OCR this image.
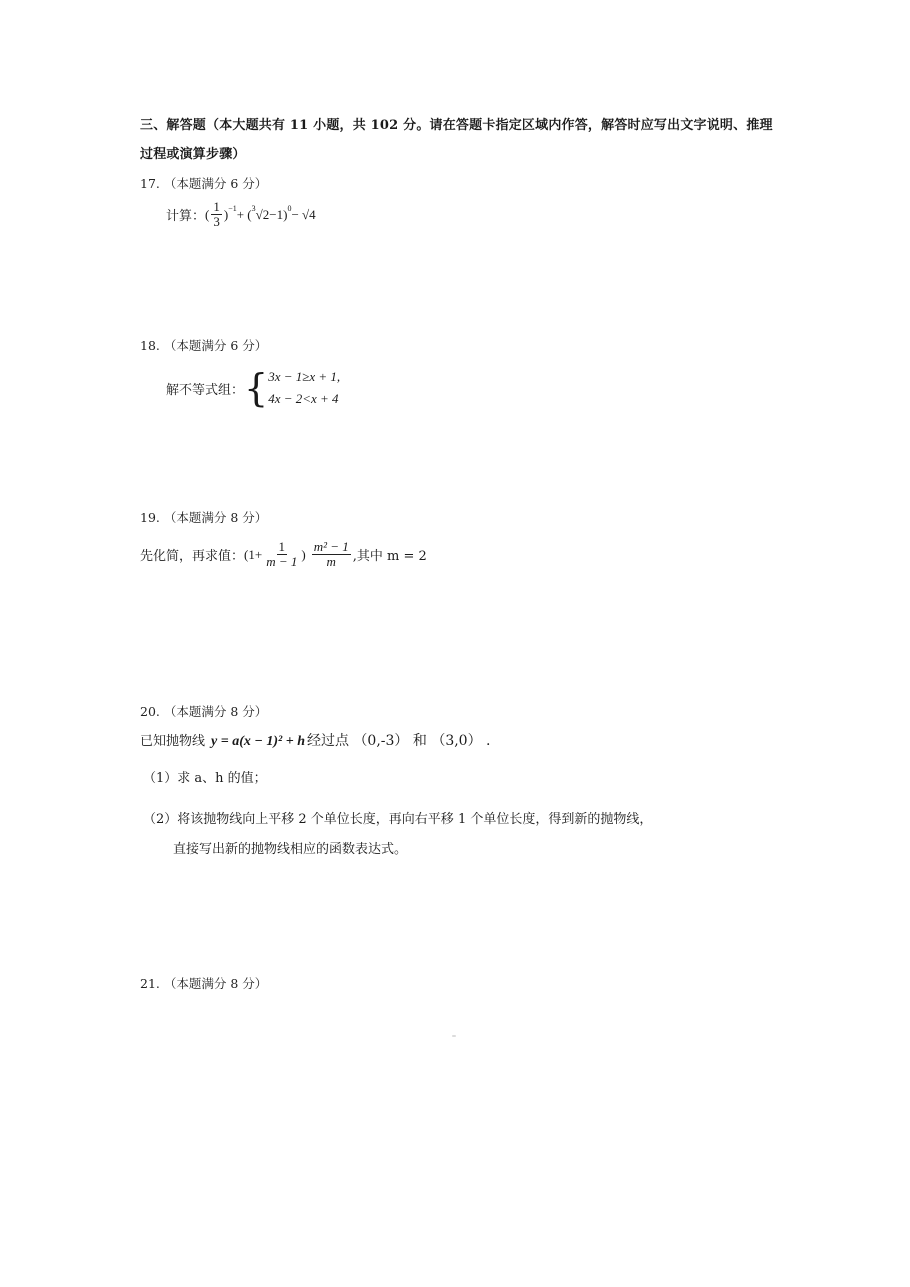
三、解答题（本大题共有 11 小题，共 102 分。请在答题卡指定区域内作答，解答时应写出文字说明、推理
过程或演算步骤）
17. （本题满分 6 分）
计算： ( $\frac{1}{3}$ ) −1 + ( 3 √2 −1) 0 − √4
18. （本题满分 6 分）
解不等式组： { 3x − 1≥x + 1,
4x − 2<x + 4
19. （本题满分 8 分）
先化简，再求值： ($1+ \frac{1}{m - 1}$ ) $\frac{\text{m² − 1}}{m}$ ,其中 m = 2
20. （本题满分 8 分）
已知抛物线 y = a(x − 1)² + h 经过点 （0,-3） 和 （3,0） .
（1）求 a、h 的值；
（2）将该抛物线向上平移 2 个单位长度，再向右平移 1 个单位长度，得到新的抛物线，
直接写出新的抛物线相应的函数表达式。
21. （本题满分 8 分）
